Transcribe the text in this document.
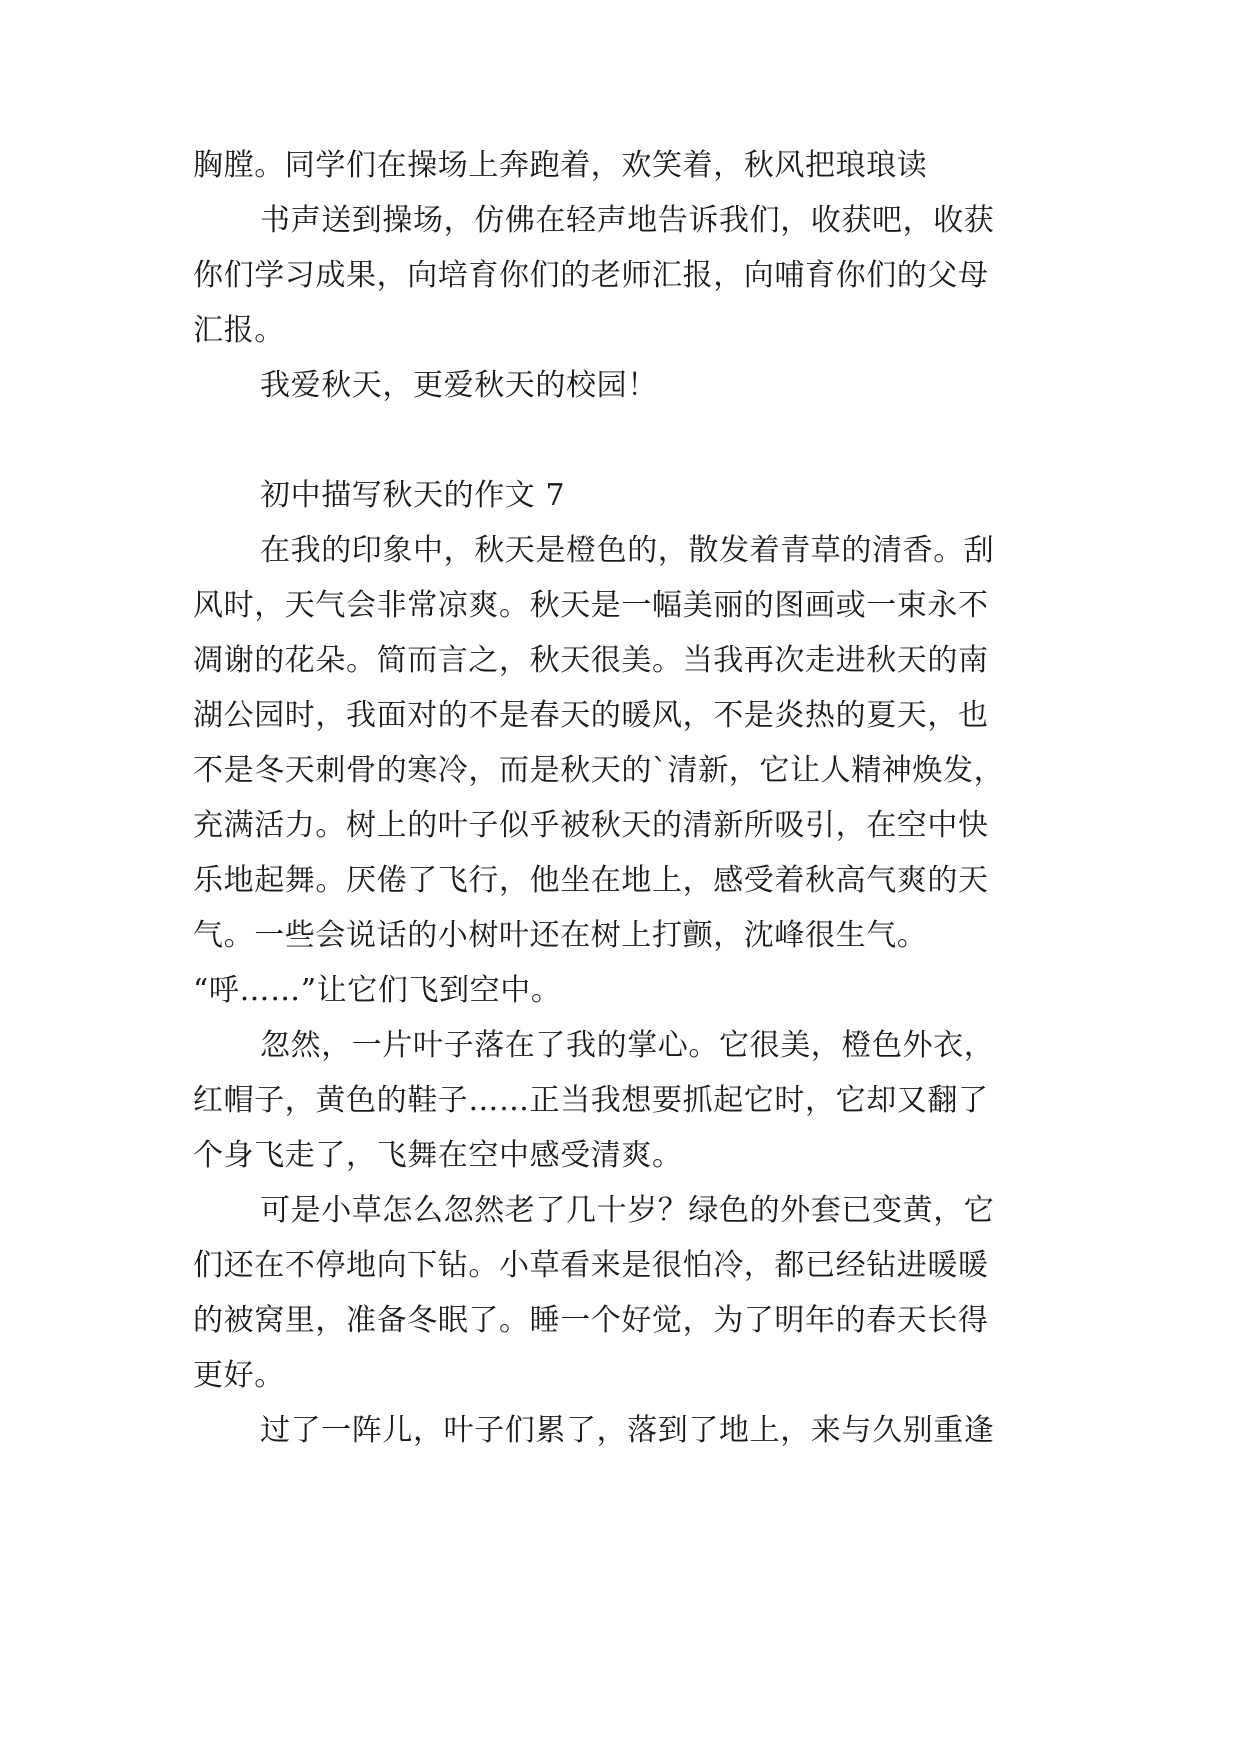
胸膛。同学们在操场上奔跑着，欢笑着，秋风把琅琅读
书声送到操场，仿佛在轻声地告诉我们，收获吧，收获
你们学习成果，向培育你们的老师汇报，向哺育你们的父母
汇报。
我爱秋天，更爱秋天的校园！
初中描写秋天的作文 7
在我的印象中，秋天是橙色的，散发着青草的清香。刮
风时，天气会非常凉爽。秋天是一幅美丽的图画或一束永不
凋谢的花朵。简而言之，秋天很美。当我再次走进秋天的南
湖公园时，我面对的不是春天的暖风，不是炎热的夏天，也
不是冬天刺骨的寒冷，而是秋天的`清新，它让人精神焕发，
充满活力。树上的叶子似乎被秋天的清新所吸引，在空中快
乐地起舞。厌倦了飞行，他坐在地上，感受着秋高气爽的天
气。一些会说话的小树叶还在树上打颤，沈峰很生气。
“呼……”让它们飞到空中。
忽然，一片叶子落在了我的掌心。它很美，橙色外衣，
红帽子，黄色的鞋子……正当我想要抓起它时，它却又翻了
个身飞走了，飞舞在空中感受清爽。
可是小草怎么忽然老了几十岁？绿色的外套已变黄，它
们还在不停地向下钻。小草看来是很怕冷，都已经钻进暖暖
的被窝里，准备冬眠了。睡一个好觉，为了明年的春天长得
更好。
过了一阵儿，叶子们累了，落到了地上，来与久别重逢
